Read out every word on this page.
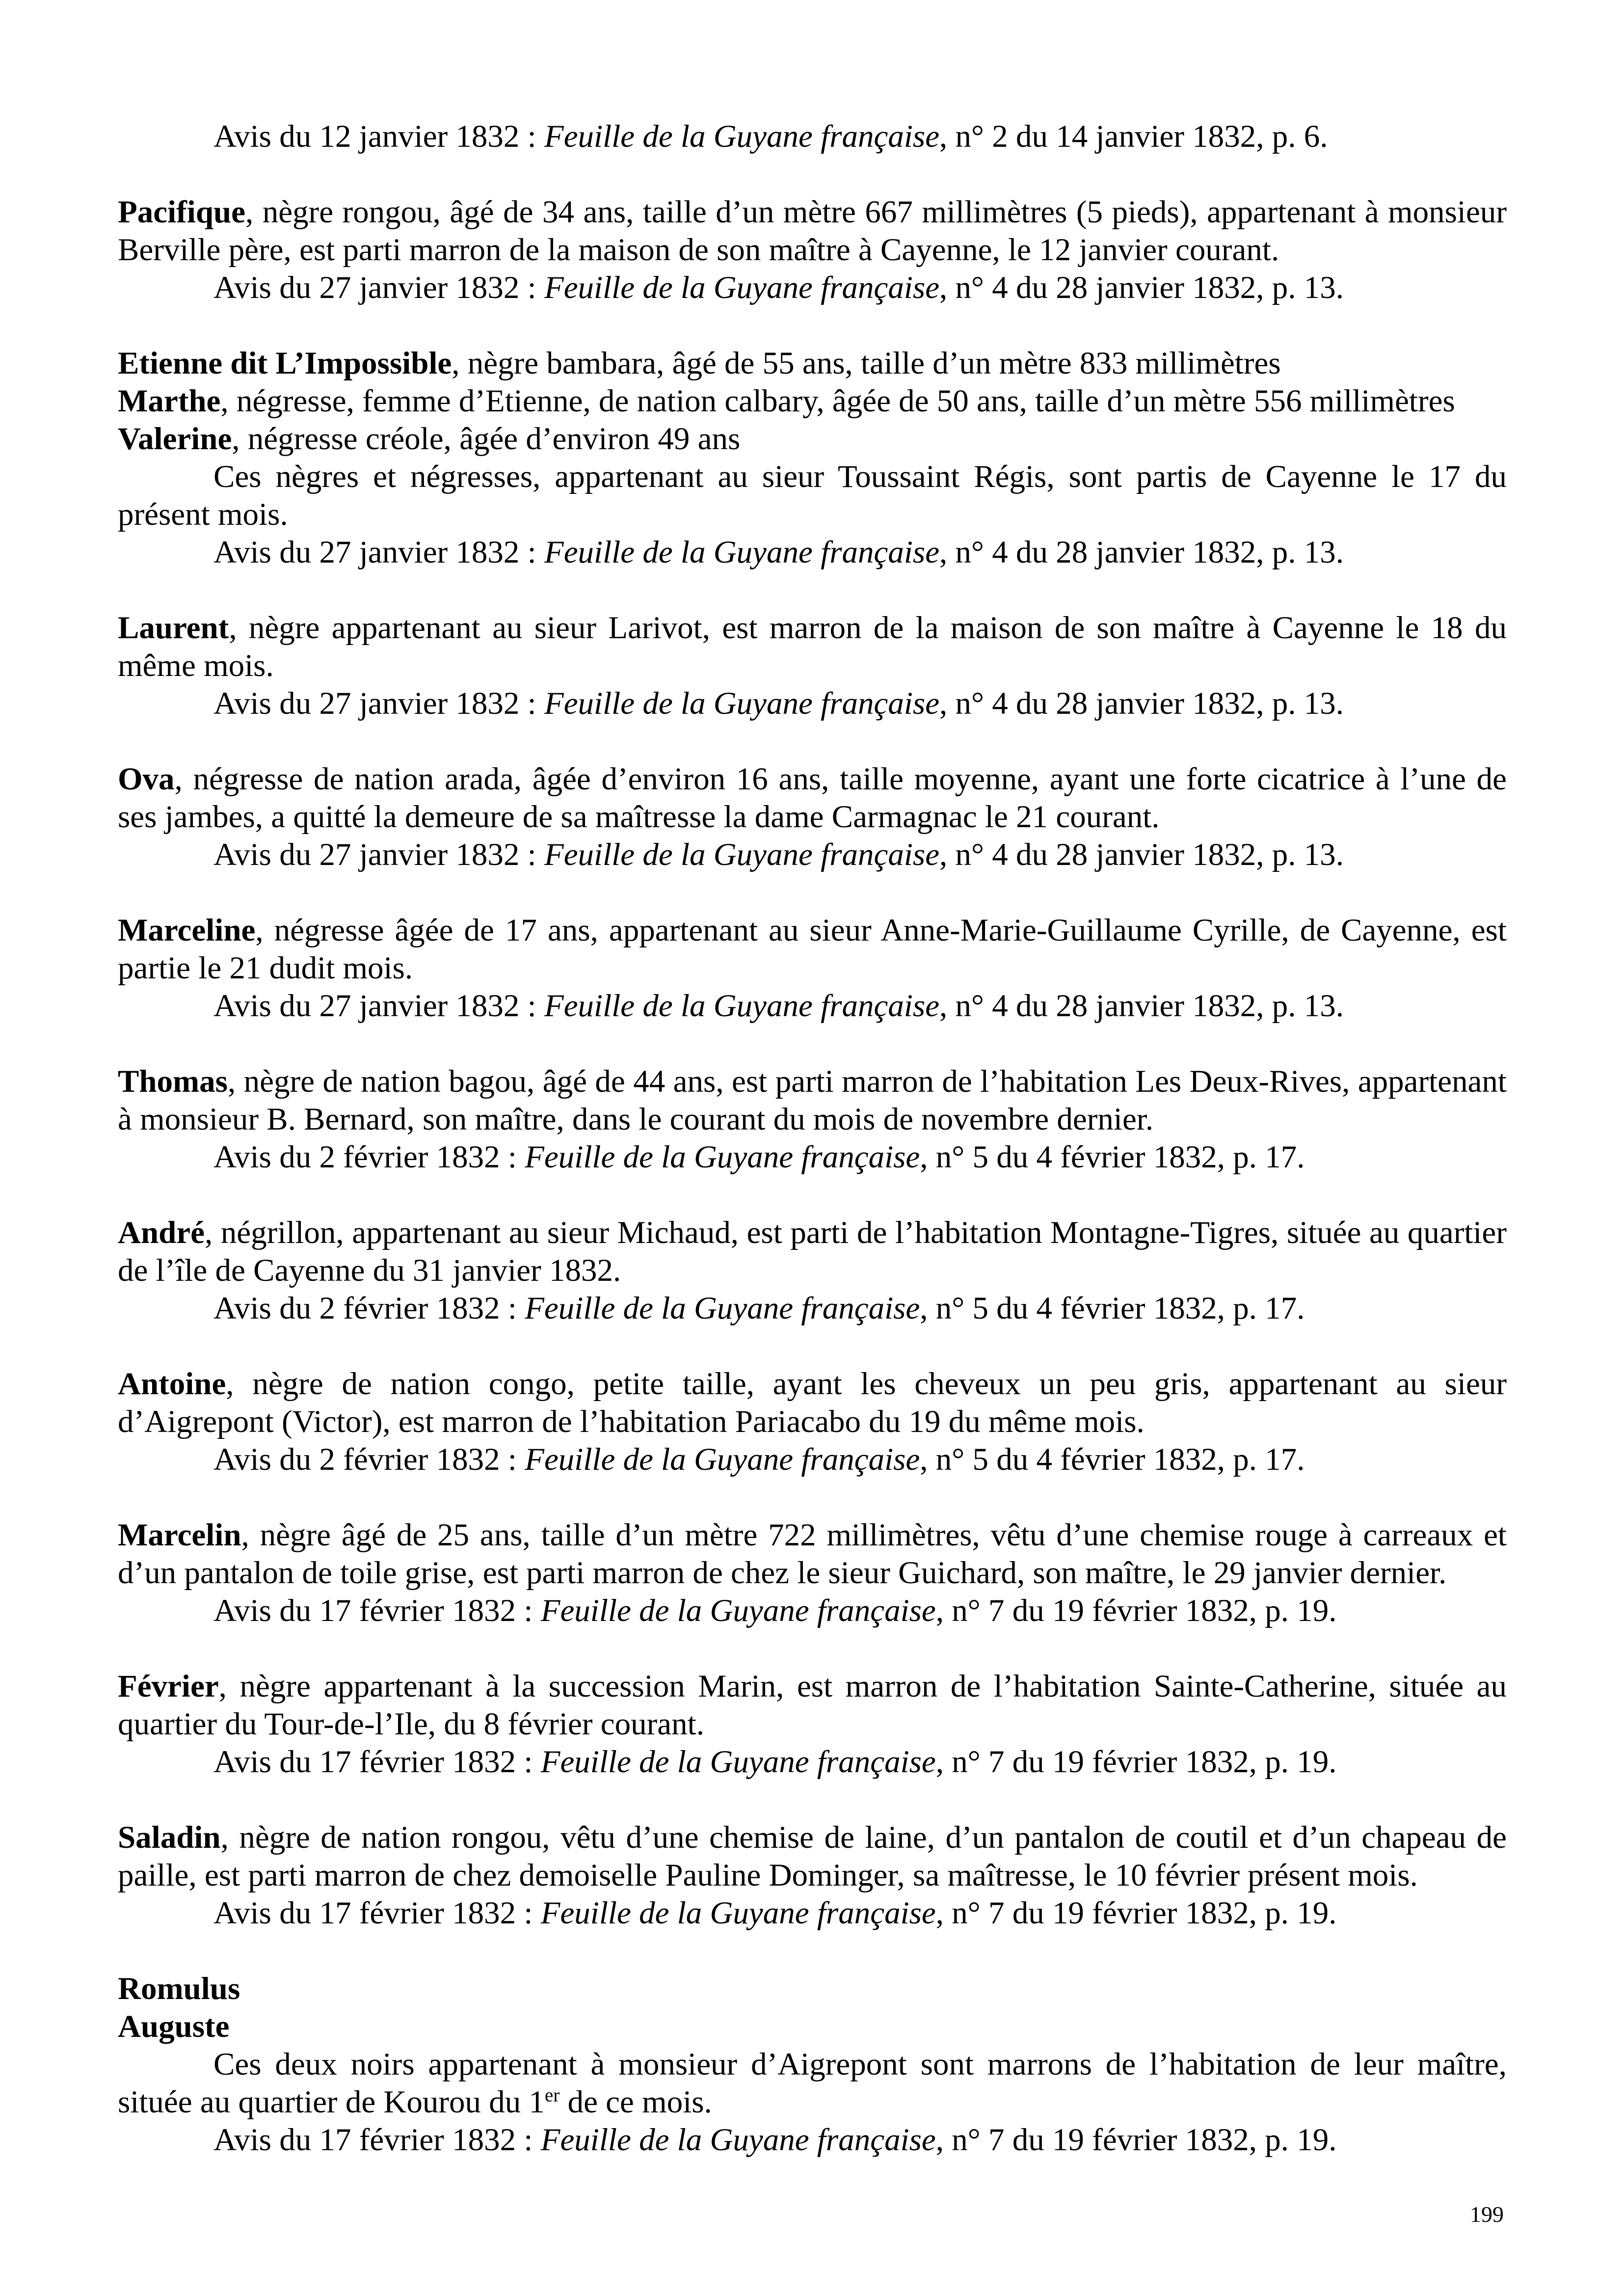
Avis du 12 janvier 1832 : Feuille de la Guyane française, n° 2 du 14 janvier 1832, p. 6.

Pacifique, nègre rongou, âgé de 34 ans, taille d’un mètre 667 millimètres (5 pieds), appartenant à monsieur Berville père, est parti marron de la maison de son maître à Cayenne, le 12 janvier courant.

Avis du 27 janvier 1832 : Feuille de la Guyane française, n° 4 du 28 janvier 1832, p. 13.

Etienne dit L’Impossible, nègre bambara, âgé de 55 ans, taille d’un mètre 833 millimètres

Marthe, négresse, femme d’Etienne, de nation calbary, âgée de 50 ans, taille d’un mètre 556 millimètres

Valerine, négresse créole, âgée d’environ 49 ans

Ces nègres et négresses, appartenant au sieur Toussaint Régis, sont partis de Cayenne le 17 du présent mois.

Avis du 27 janvier 1832 : Feuille de la Guyane française, n° 4 du 28 janvier 1832, p. 13.

Laurent, nègre appartenant au sieur Larivot, est marron de la maison de son maître à Cayenne le 18 du même mois.

Avis du 27 janvier 1832 : Feuille de la Guyane française, n° 4 du 28 janvier 1832, p. 13.

Ova, négresse de nation arada, âgée d’environ 16 ans, taille moyenne, ayant une forte cicatrice à l’une de ses jambes, a quitté la demeure de sa maîtresse la dame Carmagnac le 21 courant.

Avis du 27 janvier 1832 : Feuille de la Guyane française, n° 4 du 28 janvier 1832, p. 13.

Marceline, négresse âgée de 17 ans, appartenant au sieur Anne-Marie-Guillaume Cyrille, de Cayenne, est partie le 21 dudit mois.

Avis du 27 janvier 1832 : Feuille de la Guyane française, n° 4 du 28 janvier 1832, p. 13.

Thomas, nègre de nation bagou, âgé de 44 ans, est parti marron de l’habitation Les Deux-Rives, appartenant à monsieur B. Bernard, son maître, dans le courant du mois de novembre dernier.

Avis du 2 février 1832 : Feuille de la Guyane française, n° 5 du 4 février 1832, p. 17.

André, négrillon, appartenant au sieur Michaud, est parti de l’habitation Montagne-Tigres, située au quartier de l’île de Cayenne du 31 janvier 1832.

Avis du 2 février 1832 : Feuille de la Guyane française, n° 5 du 4 février 1832, p. 17.

Antoine, nègre de nation congo, petite taille, ayant les cheveux un peu gris, appartenant au sieur d’Aigrepont (Victor), est marron de l’habitation Pariacabo du 19 du même mois.

Avis du 2 février 1832 : Feuille de la Guyane française, n° 5 du 4 février 1832, p. 17.

Marcelin, nègre âgé de 25 ans, taille d’un mètre 722 millimètres, vêtu d’une chemise rouge à carreaux et d’un pantalon de toile grise, est parti marron de chez le sieur Guichard, son maître, le 29 janvier dernier.

Avis du 17 février 1832 : Feuille de la Guyane française, n° 7 du 19 février 1832, p. 19.

Février, nègre appartenant à la succession Marin, est marron de l’habitation Sainte-Catherine, située au quartier du Tour-de-l’Ile, du 8 février courant.

Avis du 17 février 1832 : Feuille de la Guyane française, n° 7 du 19 février 1832, p. 19.

Saladin, nègre de nation rongou, vêtu d’une chemise de laine, d’un pantalon de coutil et d’un chapeau de paille, est parti marron de chez demoiselle Pauline Dominger, sa maîtresse, le 10 février présent mois.

Avis du 17 février 1832 : Feuille de la Guyane française, n° 7 du 19 février 1832, p. 19.

Romulus

Auguste

Ces deux noirs appartenant à monsieur d’Aigrepont sont marrons de l’habitation de leur maître, située au quartier de Kourou du 1er de ce mois.

Avis du 17 février 1832 : Feuille de la Guyane française, n° 7 du 19 février 1832, p. 19.

199
